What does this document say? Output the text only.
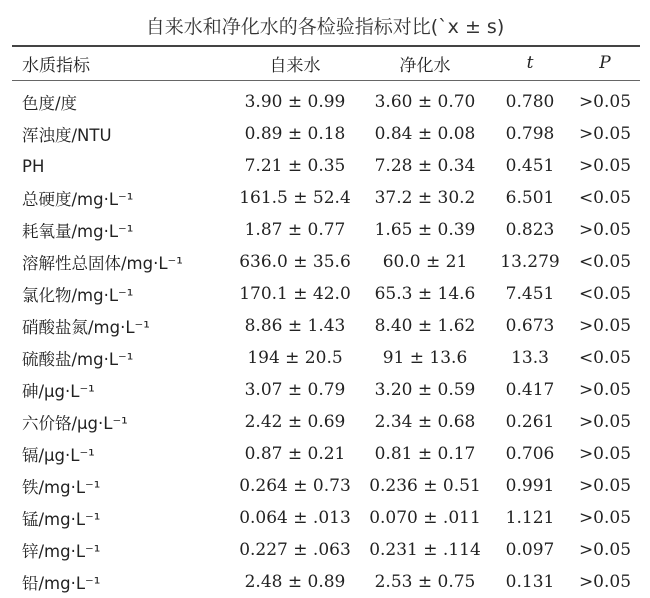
自来水和净化水的各检验指标对比(`x ± s)
水质指标	自来水	净化水	t	P
色度/度	3.90 ± 0.99	3.60 ± 0.70	0.780	>0.05
浑浊度/NTU	0.89 ± 0.18	0.84 ± 0.08	0.798	>0.05
PH	7.21 ± 0.35	7.28 ± 0.34	0.451	>0.05
总硬度/mg·L⁻¹	161.5 ± 52.4	37.2 ± 30.2	6.501	<0.05
耗氧量/mg·L⁻¹	1.87 ± 0.77	1.65 ± 0.39	0.823	>0.05
溶解性总固体/mg·L⁻¹	636.0 ± 35.6	60.0 ± 21	13.279	<0.05
氯化物/mg·L⁻¹	170.1 ± 42.0	65.3 ± 14.6	7.451	<0.05
硝酸盐氮/mg·L⁻¹	8.86 ± 1.43	8.40 ± 1.62	0.673	>0.05
硫酸盐/mg·L⁻¹	194 ± 20.5	91 ± 13.6	13.3	<0.05
砷/μg·L⁻¹	3.07 ± 0.79	3.20 ± 0.59	0.417	>0.05
六价铬/μg·L⁻¹	2.42 ± 0.69	2.34 ± 0.68	0.261	>0.05
镉/μg·L⁻¹	0.87 ± 0.21	0.81 ± 0.17	0.706	>0.05
铁/mg·L⁻¹	0.264 ± 0.73	0.236 ± 0.51	0.991	>0.05
锰/mg·L⁻¹	0.064 ± .013	0.070 ± .011	1.121	>0.05
锌/mg·L⁻¹	0.227 ± .063	0.231 ± .114	0.097	>0.05
铅/mg·L⁻¹	2.48 ± 0.89	2.53 ± 0.75	0.131	>0.05
